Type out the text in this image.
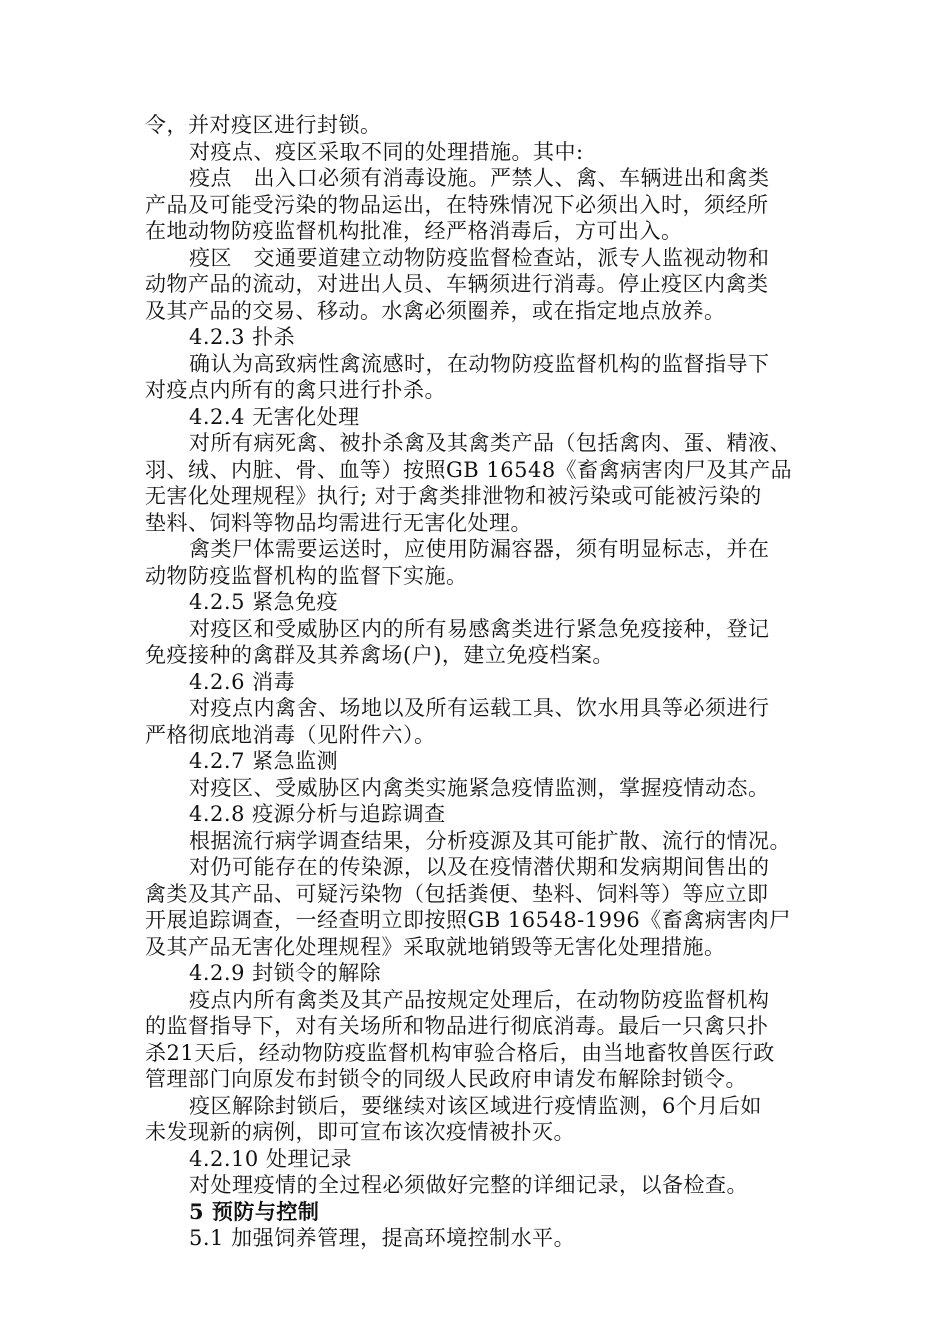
令，并对疫区进行封锁。
对疫点、疫区采取不同的处理措施。其中:
疫点　出入口必须有消毒设施。严禁人、禽、车辆进出和禽类
产品及可能受污染的物品运出，在特殊情况下必须出入时，须经所
在地动物防疫监督机构批准，经严格消毒后，方可出入。
疫区　交通要道建立动物防疫监督检查站，派专人监视动物和
动物产品的流动，对进出人员、车辆须进行消毒。停止疫区内禽类
及其产品的交易、移动。水禽必须圈养，或在指定地点放养。
4.2.3 扑杀
确认为高致病性禽流感时，在动物防疫监督机构的监督指导下
对疫点内所有的禽只进行扑杀。
4.2.4 无害化处理
对所有病死禽、被扑杀禽及其禽类产品（包括禽肉、蛋、精液、
羽、绒、内脏、骨、血等）按照GB 16548《畜禽病害肉尸及其产品
无害化处理规程》执行; 对于禽类排泄物和被污染或可能被污染的
垫料、饲料等物品均需进行无害化处理。
禽类尸体需要运送时，应使用防漏容器，须有明显标志，并在
动物防疫监督机构的监督下实施。
4.2.5 紧急免疫
对疫区和受威胁区内的所有易感禽类进行紧急免疫接种，登记
免疫接种的禽群及其养禽场(户)，建立免疫档案。
4.2.6 消毒
对疫点内禽舍、场地以及所有运载工具、饮水用具等必须进行
严格彻底地消毒（见附件六）。
4.2.7 紧急监测
对疫区、受威胁区内禽类实施紧急疫情监测，掌握疫情动态。
4.2.8 疫源分析与追踪调查
根据流行病学调查结果，分析疫源及其可能扩散、流行的情况。
对仍可能存在的传染源，以及在疫情潜伏期和发病期间售出的
禽类及其产品、可疑污染物（包括粪便、垫料、饲料等）等应立即
开展追踪调查，一经查明立即按照GB 16548-1996《畜禽病害肉尸
及其产品无害化处理规程》采取就地销毁等无害化处理措施。
4.2.9 封锁令的解除
疫点内所有禽类及其产品按规定处理后，在动物防疫监督机构
的监督指导下，对有关场所和物品进行彻底消毒。最后一只禽只扑
杀21天后，经动物防疫监督机构审验合格后，由当地畜牧兽医行政
管理部门向原发布封锁令的同级人民政府申请发布解除封锁令。
疫区解除封锁后，要继续对该区域进行疫情监测，6个月后如
未发现新的病例，即可宣布该次疫情被扑灭。
4.2.10 处理记录
对处理疫情的全过程必须做好完整的详细记录，以备检查。
5 预防与控制
5.1 加强饲养管理，提高环境控制水平。
